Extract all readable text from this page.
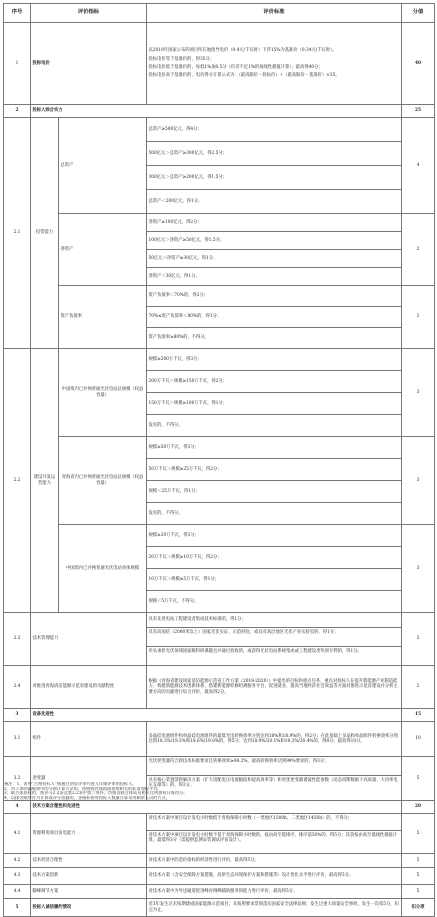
序号	评价指标		评价标准	分值
1	投标电价		以2019年国家公布的项目所在地指导电价（0.4元/千瓦时）下浮15%为基准价（0.34元/千瓦时）。
投标电价等于基准价的，得35分；
投标电价低于基准价的，每低1%加0.5分（价差不足1%的按线性插值计算），最高得40分；
投标电价高于基准价的，电价得分计算公式为：（最高限价－投标价）÷（最高限价－基准价）×35。	40
2	投标人综合实力			25
2.1	投资能力	总资产	总资产≥500亿元，得4分；
500亿元＞总资产≥300亿元，得2.5分；
300亿元＞总资产≥200亿元，得1.5分；
总资产＜200亿元，得1分。	4
		净资产	净资产≥100亿元，得2分；
100亿元＞净资产≥50亿元，得1.5分；
50亿元＞净资产≥30亿元，得1分。
净资产＜30亿元，得1分。	2
		资产负债率	资产负债率＜70%的，得2分；
70%≤资产负债率＜80%的，得1分；
资产负债率≥80%的，不得分。	2
2.2	建设开发运营能力	中国境内已并网普通光伏电站总规模（权益容量）	规模≥200万千瓦，得3分；
200万千瓦＞规模≥150万千瓦，得2分；
150万千瓦＞规模≥100万千瓦，得1分；
没有的，不得分。	3
		青海省内已并网普通光伏电站总规模（权益容量）	规模≥50万千瓦，得3分；
50万千瓦＞规模≥25万千瓦，得2分；
规模＜25万千瓦，得1分；
没有的，不得分。	3
		中国境内已并网普通光伏电站单体规模	规模≥20万千瓦，得3分；
20万千瓦＞规模≥10万千瓦，得2分；
10万千瓦＞规模≥5万千瓦，得1分；
规模＜5万千瓦，不得分。	3
2.3	技术管理能力		具有先进电站工程建设者集成技术标准的，得1分；
具有高加倍（2000米以上）国家光伏实证、示范经验，或具有高层地区光伏产业实验室的，得1分；
牵头承担光伏领域国家级科研课题且并通过验收的，或获得光伏电站系统集成或工程建设类奖项专利的，得1分。	3
2.4	对推进青海清洁能源示范省建设的贡献程度		根据《青海省建设国家清洁能源示范省工作方案（2018-2020）》中提出的目标和重点任务，重点对投标人在提升新能源产业制造能力、构建新能源技术创新体系、搭建新能源检修检测服务平台、促进就业、提高当地经济社会效益等方面对推进示范省建设并分析主要方向的贡献进行综合评价，最高得2分。	2
3	设备先进性			15
3.1	组件		多晶硅电池组件和单晶硅电池组件的最低光电转换效率分别达到18%和18.9%的，得2分；在此基础上多晶和单晶组件转换效率分别达到18.3%/19.5%和18.6%/19.8%的，得5分；达到18.9%/20.1%和19.2%/20.4%的，得8分；最高得10分。	10
3.2	逆变器		光伏逆变器符合新技术标准要求且转换效率≥98.2%，最高转换效率达到99%要求的，得3分；
具有核心装置创新解决方案（扩大适配电压电流幅值和提高效率等）和更优逆变器谐波性能参数（动态同期数据下高质量、大功率电压支撑等）的，得2分。	5
4	技术方案合理性和先进性			20
4.1	资源利用项目发电能力		对技术方案中项目设计发电小时数低于青海保障小时数（一类地区1500h，二类地区1450h）的，不得分；
对技术方案中项目设计发电小时数不低于青海保障小时数的，按由高至低排序，排序前30%的，得5分；其余按由高至低线性插值计算，最低得3分（需提供监测安装调试评估设计）。	5
4.2	技术经济合理性		对技术方案中的造价指标的经济性进行评价，最高得5分。	5
4.3	技术方案创新		对技术方案（含安全保障方案措施、高原生态环境保护方案和措施等）设计优化水平进行评价，最高得5分。	5
4.4	脚峰调节方案		对技术方案中为外送通道促进峰谷调峰辅助服务的能力进行评价，最高得5分。	5
5	投标人诚信履约情况		近3年发生过未按期建成国家能源示范项目；未按照要求贯彻落实国家安全法律法规；发生过重大质量安全事故，发生一次扣5分，扣完为止。	扣分项
备注：1、表中“合格投标人”指通过初步评审并进入详细评审的投标人。
2、对于本明确规则中的分数计算方法的，按照线性插值或按照相关的标准加权平均。
3、联合体投标的，按评分2.2条及第2.2条中第三项外，均按各联合体成员相应比例加权计算得分。
4、以排名顺序作为计算或评分依据的，各指标按对投标人数量计算采用剩余人员的方式。
